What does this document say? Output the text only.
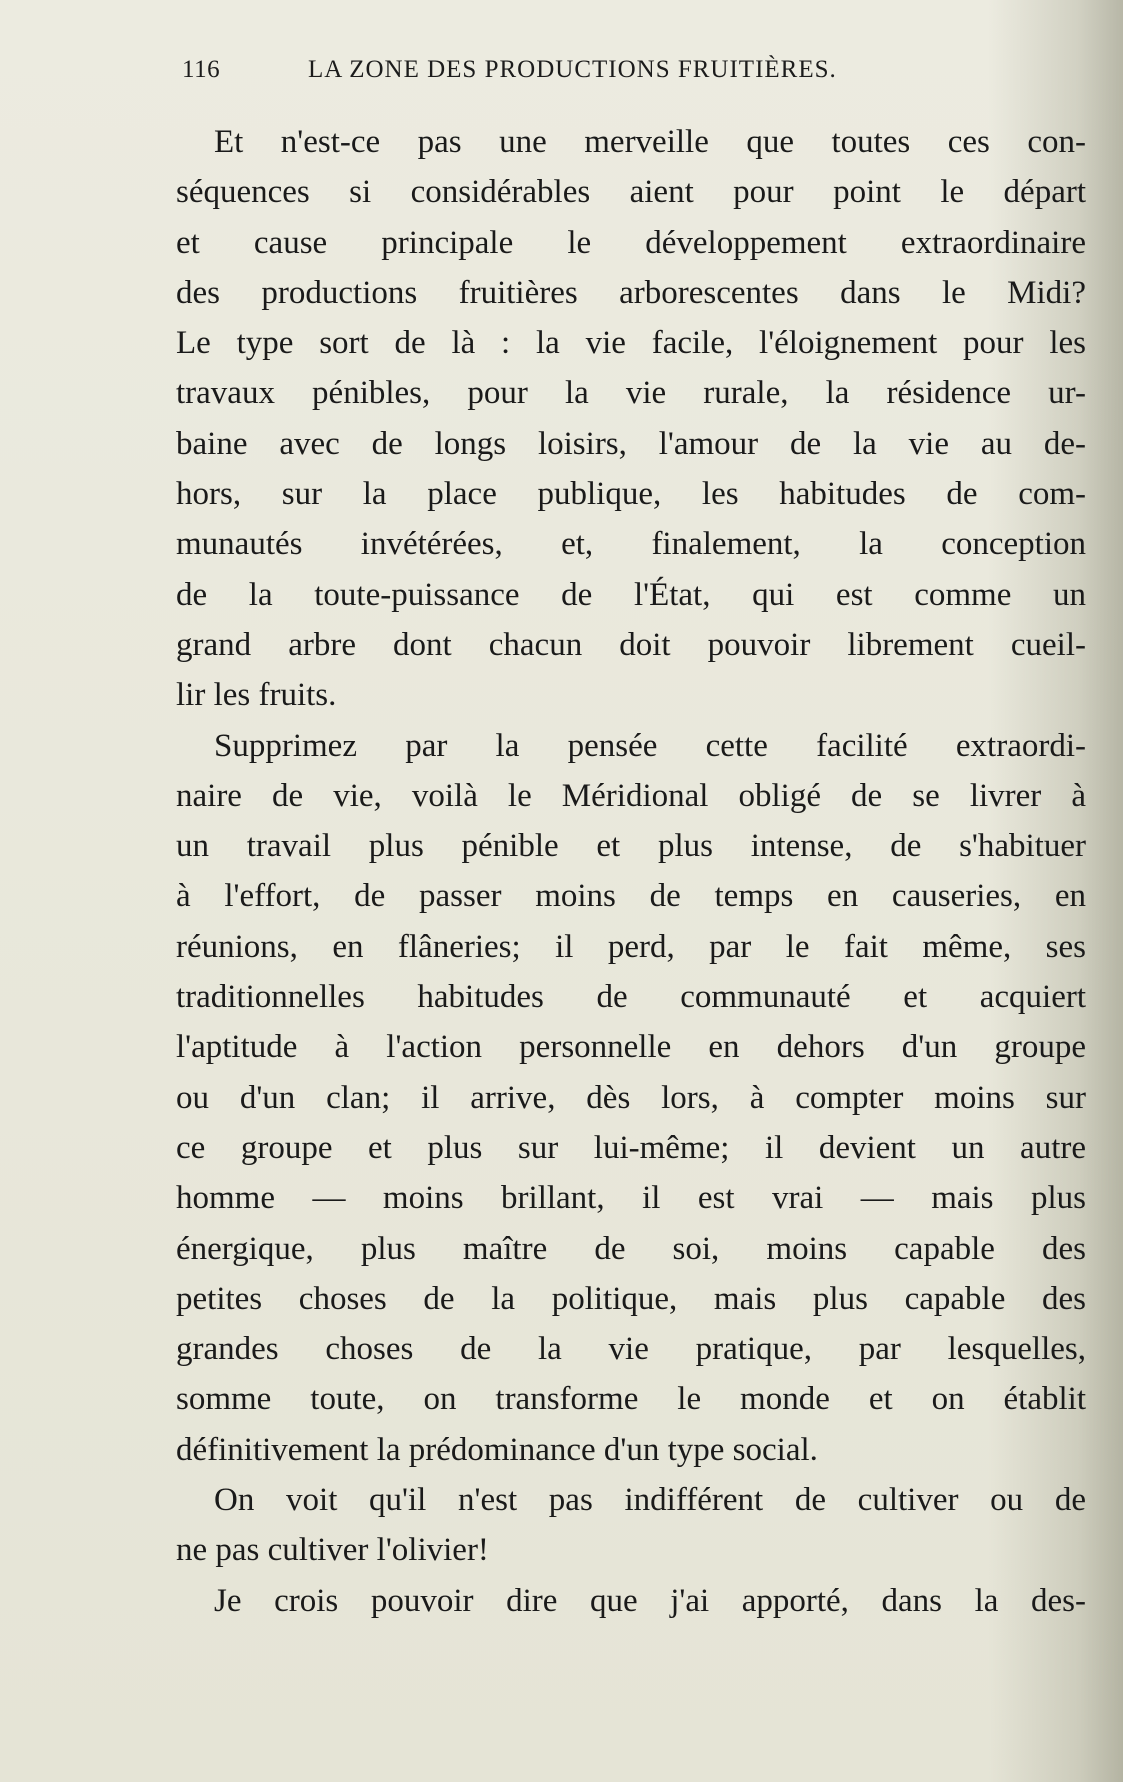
116	LA ZONE DES PRODUCTIONS FRUITIÈRES.
Et n'est-ce pas une merveille que toutes ces con-
séquences si considérables aient pour point le départ
et cause principale le développement extraordinaire
des productions fruitières arborescentes dans le Midi?
Le type sort de là : la vie facile, l'éloignement pour les
travaux pénibles, pour la vie rurale, la résidence ur-
baine avec de longs loisirs, l'amour de la vie au de-
hors, sur la place publique, les habitudes de com-
munautés invétérées, et, finalement, la conception
de la toute-puissance de l'État, qui est comme un
grand arbre dont chacun doit pouvoir librement cueil-
lir les fruits.
Supprimez par la pensée cette facilité extraordi-
naire de vie, voilà le Méridional obligé de se livrer à
un travail plus pénible et plus intense, de s'habituer
à l'effort, de passer moins de temps en causeries, en
réunions, en flâneries; il perd, par le fait même, ses
traditionnelles habitudes de communauté et acquiert
l'aptitude à l'action personnelle en dehors d'un groupe
ou d'un clan; il arrive, dès lors, à compter moins sur
ce groupe et plus sur lui-même; il devient un autre
homme — moins brillant, il est vrai — mais plus
énergique, plus maître de soi, moins capable des
petites choses de la politique, mais plus capable des
grandes choses de la vie pratique, par lesquelles,
somme toute, on transforme le monde et on établit
définitivement la prédominance d'un type social.
On voit qu'il n'est pas indifférent de cultiver ou de
ne pas cultiver l'olivier!
Je crois pouvoir dire que j'ai apporté, dans la des-
